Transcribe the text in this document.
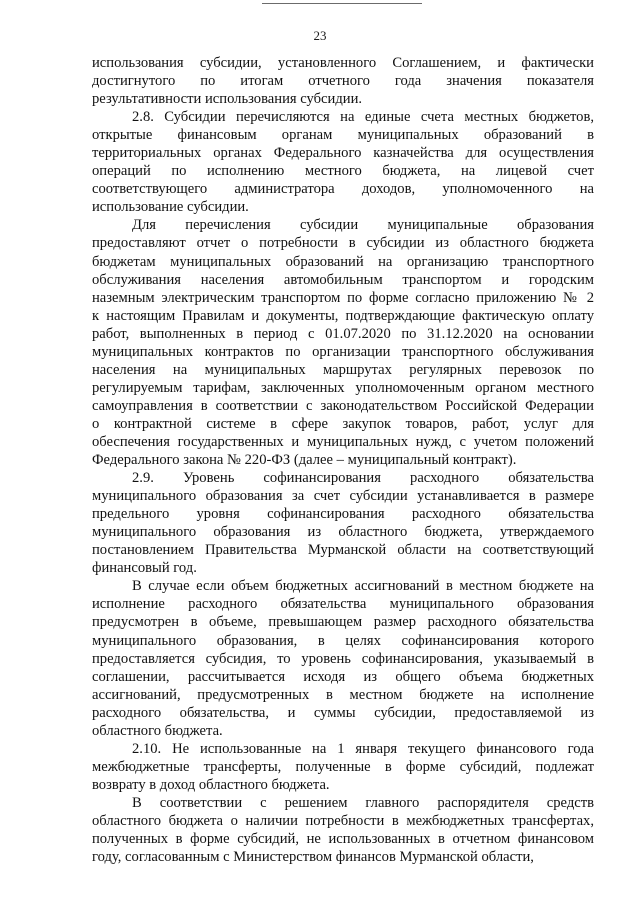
23
использования субсидии, установленного Соглашением, и фактически
достигнутого по итогам отчетного года значения показателя
результативности использования субсидии.
2.8. Субсидии перечисляются на единые счета местных бюджетов,
открытые финансовым органам муниципальных образований в
территориальных органах Федерального казначейства для осуществления
операций по исполнению местного бюджета, на лицевой счет
соответствующего администратора доходов, уполномоченного на
использование субсидии.
Для перечисления субсидии муниципальные образования
предоставляют отчет о потребности в субсидии из областного бюджета
бюджетам муниципальных образований на организацию транспортного
обслуживания населения автомобильным транспортом и городским
наземным электрическим транспортом по форме согласно приложению № 2
к настоящим Правилам и документы, подтверждающие фактическую оплату
работ, выполненных в период с 01.07.2020 по 31.12.2020 на основании
муниципальных контрактов по организации транспортного обслуживания
населения на муниципальных маршрутах регулярных перевозок по
регулируемым тарифам, заключенных уполномоченным органом местного
самоуправления в соответствии с законодательством Российской Федерации
о контрактной системе в сфере закупок товаров, работ, услуг для
обеспечения государственных и муниципальных нужд, с учетом положений
Федерального закона № 220-ФЗ (далее – муниципальный контракт).
2.9. Уровень софинансирования расходного обязательства
муниципального образования за счет субсидии устанавливается в размере
предельного уровня софинансирования расходного обязательства
муниципального образования из областного бюджета, утверждаемого
постановлением Правительства Мурманской области на соответствующий
финансовый год.
В случае если объем бюджетных ассигнований в местном бюджете на
исполнение расходного обязательства муниципального образования
предусмотрен в объеме, превышающем размер расходного обязательства
муниципального образования, в целях софинансирования которого
предоставляется субсидия, то уровень софинансирования, указываемый в
соглашении, рассчитывается исходя из общего объема бюджетных
ассигнований, предусмотренных в местном бюджете на исполнение
расходного обязательства, и суммы субсидии, предоставляемой из
областного бюджета.
2.10. Не использованные на 1 января текущего финансового года
межбюджетные трансферты, полученные в форме субсидий, подлежат
возврату в доход областного бюджета.
В соответствии с решением главного распорядителя средств
областного бюджета о наличии потребности в межбюджетных трансфертах,
полученных в форме субсидий, не использованных в отчетном финансовом
году, согласованным с Министерством финансов Мурманской области,
